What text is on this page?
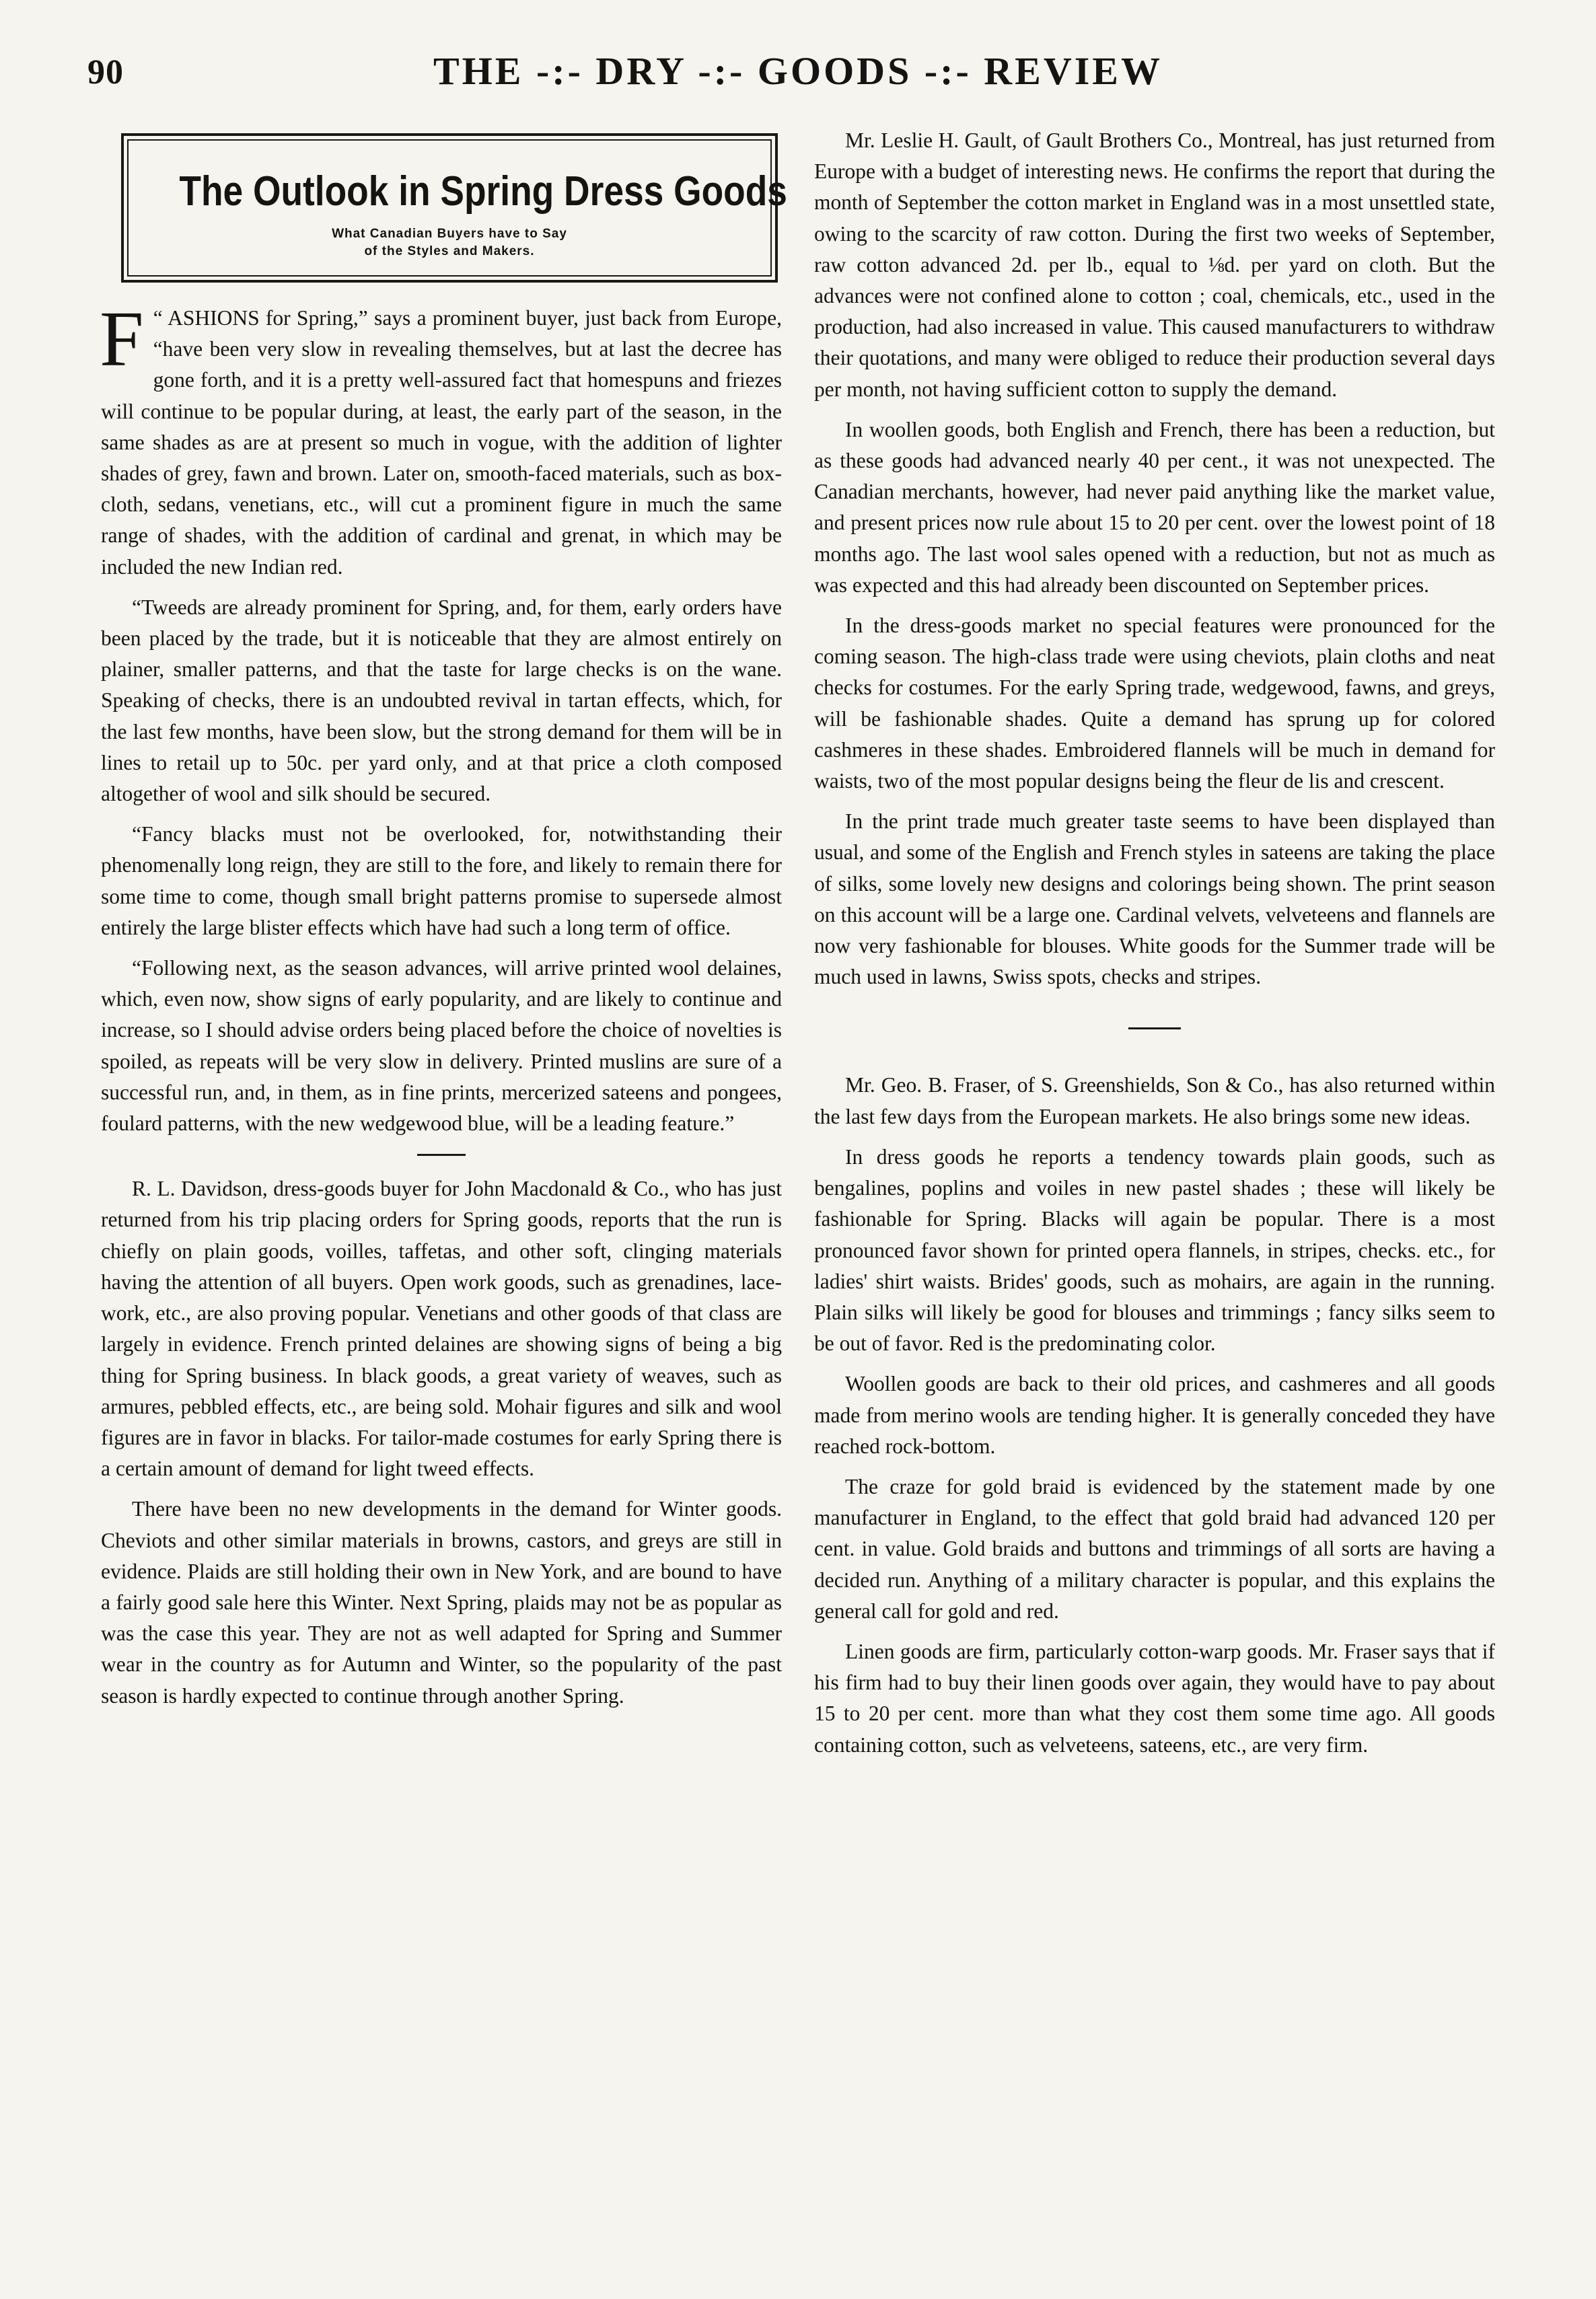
90	THE -:- DRY -:- GOODS -:- REVIEW
The Outlook in Spring Dress Goods
What Canadian Buyers have to Say
of the Styles and Makers.

F “ ASHIONS for Spring,” says a prominent buyer, just back from Europe, “have been very slow in revealing themselves, but at last the decree has gone forth, and it is a pretty well-assured fact that homespuns and friezes will continue to be popular during, at least, the early part of the season, in the same shades as are at present so much in vogue, with the addition of lighter shades of grey, fawn and brown. Later on, smooth-faced materials, such as box-cloth, sedans, venetians, etc., will cut a prominent figure in much the same range of shades, with the addition of cardinal and grenat, in which may be included the new Indian red.

“Tweeds are already prominent for Spring, and, for them, early orders have been placed by the trade, but it is noticeable that they are almost entirely on plainer, smaller patterns, and that the taste for large checks is on the wane. Speaking of checks, there is an undoubted revival in tartan effects, which, for the last few months, have been slow, but the strong demand for them will be in lines to retail up to 50c. per yard only, and at that price a cloth composed altogether of wool and silk should be secured.

“Fancy blacks must not be overlooked, for, notwithstanding their phenomenally long reign, they are still to the fore, and likely to remain there for some time to come, though small bright patterns promise to supersede almost entirely the large blister effects which have had such a long term of office.

“Following next, as the season advances, will arrive printed wool delaines, which, even now, show signs of early popularity, and are likely to continue and increase, so I should advise orders being placed before the choice of novelties is spoiled, as repeats will be very slow in delivery. Printed muslins are sure of a successful run, and, in them, as in fine prints, mercerized sateens and pongees, foulard patterns, with the new wedgewood blue, will be a leading feature.”

R. L. Davidson, dress-goods buyer for John Macdonald & Co., who has just returned from his trip placing orders for Spring goods, reports that the run is chiefly on plain goods, voilles, taffetas, and other soft, clinging materials having the attention of all buyers. Open work goods, such as grenadines, lace-work, etc., are also proving popular. Venetians and other goods of that class are largely in evidence. French printed delaines are showing signs of being a big thing for Spring business. In black goods, a great variety of weaves, such as armures, pebbled effects, etc., are being sold. Mohair figures and silk and wool figures are in favor in blacks. For tailor-made costumes for early Spring there is a certain amount of demand for light tweed effects.

There have been no new developments in the demand for Winter goods. Cheviots and other similar materials in browns, castors, and greys are still in evidence. Plaids are still holding their own in New York, and are bound to have a fairly good sale here this Winter. Next Spring, plaids may not be as popular as was the case this year. They are not as well adapted for Spring and Summer wear in the country as for Autumn and Winter, so the popularity of the past season is hardly expected to continue through another Spring.

Mr. Leslie H. Gault, of Gault Brothers Co., Montreal, has just returned from Europe with a budget of interesting news. He confirms the report that during the month of September the cotton market in England was in a most unsettled state, owing to the scarcity of raw cotton. During the first two weeks of September, raw cotton advanced 2d. per lb., equal to ⅛d. per yard on cloth. But the advances were not confined alone to cotton ; coal, chemicals, etc., used in the production, had also increased in value. This caused manufacturers to withdraw their quotations, and many were obliged to reduce their production several days per month, not having sufficient cotton to supply the demand.

In woollen goods, both English and French, there has been a reduction, but as these goods had advanced nearly 40 per cent., it was not unexpected. The Canadian merchants, however, had never paid anything like the market value, and present prices now rule about 15 to 20 per cent. over the lowest point of 18 months ago. The last wool sales opened with a reduction, but not as much as was expected and this had already been discounted on September prices.

In the dress-goods market no special features were pronounced for the coming season. The high-class trade were using cheviots, plain cloths and neat checks for costumes. For the early Spring trade, wedgewood, fawns, and greys, will be fashionable shades. Quite a demand has sprung up for colored cashmeres in these shades. Embroidered flannels will be much in demand for waists, two of the most popular designs being the fleur de lis and crescent.

In the print trade much greater taste seems to have been displayed than usual, and some of the English and French styles in sateens are taking the place of silks, some lovely new designs and colorings being shown. The print season on this account will be a large one. Cardinal velvets, velveteens and flannels are now very fashionable for blouses. White goods for the Summer trade will be much used in lawns, Swiss spots, checks and stripes.

Mr. Geo. B. Fraser, of S. Greenshields, Son & Co., has also returned within the last few days from the European markets. He also brings some new ideas.

In dress goods he reports a tendency towards plain goods, such as bengalines, poplins and voiles in new pastel shades ; these will likely be fashionable for Spring. Blacks will again be popular. There is a most pronounced favor shown for printed opera flannels, in stripes, checks. etc., for ladies' shirt waists. Brides' goods, such as mohairs, are again in the running. Plain silks will likely be good for blouses and trimmings ; fancy silks seem to be out of favor. Red is the predominating color.

Woollen goods are back to their old prices, and cashmeres and all goods made from merino wools are tending higher. It is generally conceded they have reached rock-bottom.

The craze for gold braid is evidenced by the statement made by one manufacturer in England, to the effect that gold braid had advanced 120 per cent. in value. Gold braids and buttons and trimmings of all sorts are having a decided run. Anything of a military character is popular, and this explains the general call for gold and red.

Linen goods are firm, particularly cotton-warp goods. Mr. Fraser says that if his firm had to buy their linen goods over again, they would have to pay about 15 to 20 per cent. more than what they cost them some time ago. All goods containing cotton, such as velveteens, sateens, etc., are very firm.
